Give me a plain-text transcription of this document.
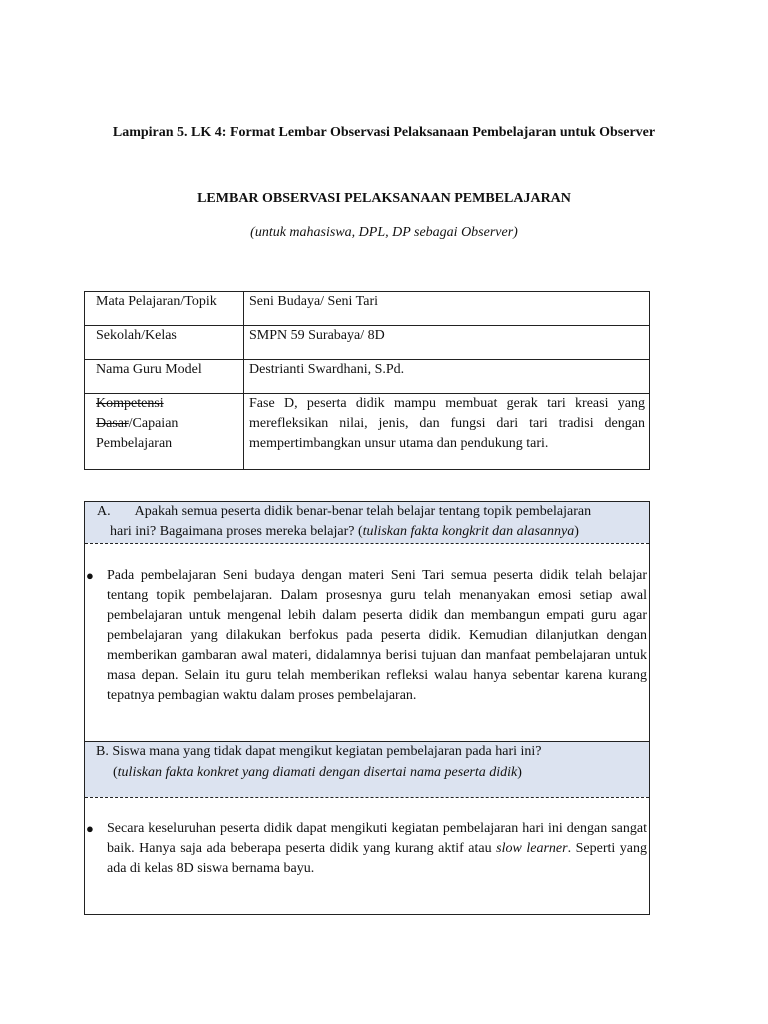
Lampiran 5. LK 4: Format Lembar Observasi Pelaksanaan Pembelajaran untuk Observer
LEMBAR OBSERVASI PELAKSANAAN PEMBELAJARAN
(untuk mahasiswa, DPL, DP sebagai Observer)
Mata Pelajaran/Topik	Seni Budaya/ Seni Tari
Sekolah/Kelas	SMPN 59 Surabaya/ 8D
Nama Guru Model	Destrianti Swardhani, S.Pd.
Kompetensi
Dasar/Capaian
Pembelajaran	Fase D, peserta didik mampu membuat gerak tari kreasi yang merefleksikan nilai, jenis, dan fungsi dari tari tradisi dengan mempertimbangkan unsur utama dan pendukung tari.
A. Apakah semua peserta didik benar-benar telah belajar tentang topik pembelajaran
hari ini? Bagaimana proses mereka belajar? (tuliskan fakta kongkrit dan alasannya)
● Pada pembelajaran Seni budaya dengan materi Seni Tari semua peserta didik telah belajar tentang topik pembelajaran. Dalam prosesnya guru telah menanyakan emosi setiap awal pembelajaran untuk mengenal lebih dalam peserta didik dan membangun empati guru agar pembelajaran yang dilakukan berfokus pada peserta didik. Kemudian dilanjutkan dengan memberikan gambaran awal materi, didalamnya berisi tujuan dan manfaat pembelajaran untuk masa depan. Selain itu guru telah memberikan refleksi walau hanya sebentar karena kurang tepatnya pembagian waktu dalam proses pembelajaran.
B. Siswa mana yang tidak dapat mengikut kegiatan pembelajaran pada hari ini?
(tuliskan fakta konkret yang diamati dengan disertai nama peserta didik)
● Secara keseluruhan peserta didik dapat mengikuti kegiatan pembelajaran hari ini dengan sangat baik. Hanya saja ada beberapa peserta didik yang kurang aktif atau slow learner. Seperti yang ada di kelas 8D siswa bernama bayu.
